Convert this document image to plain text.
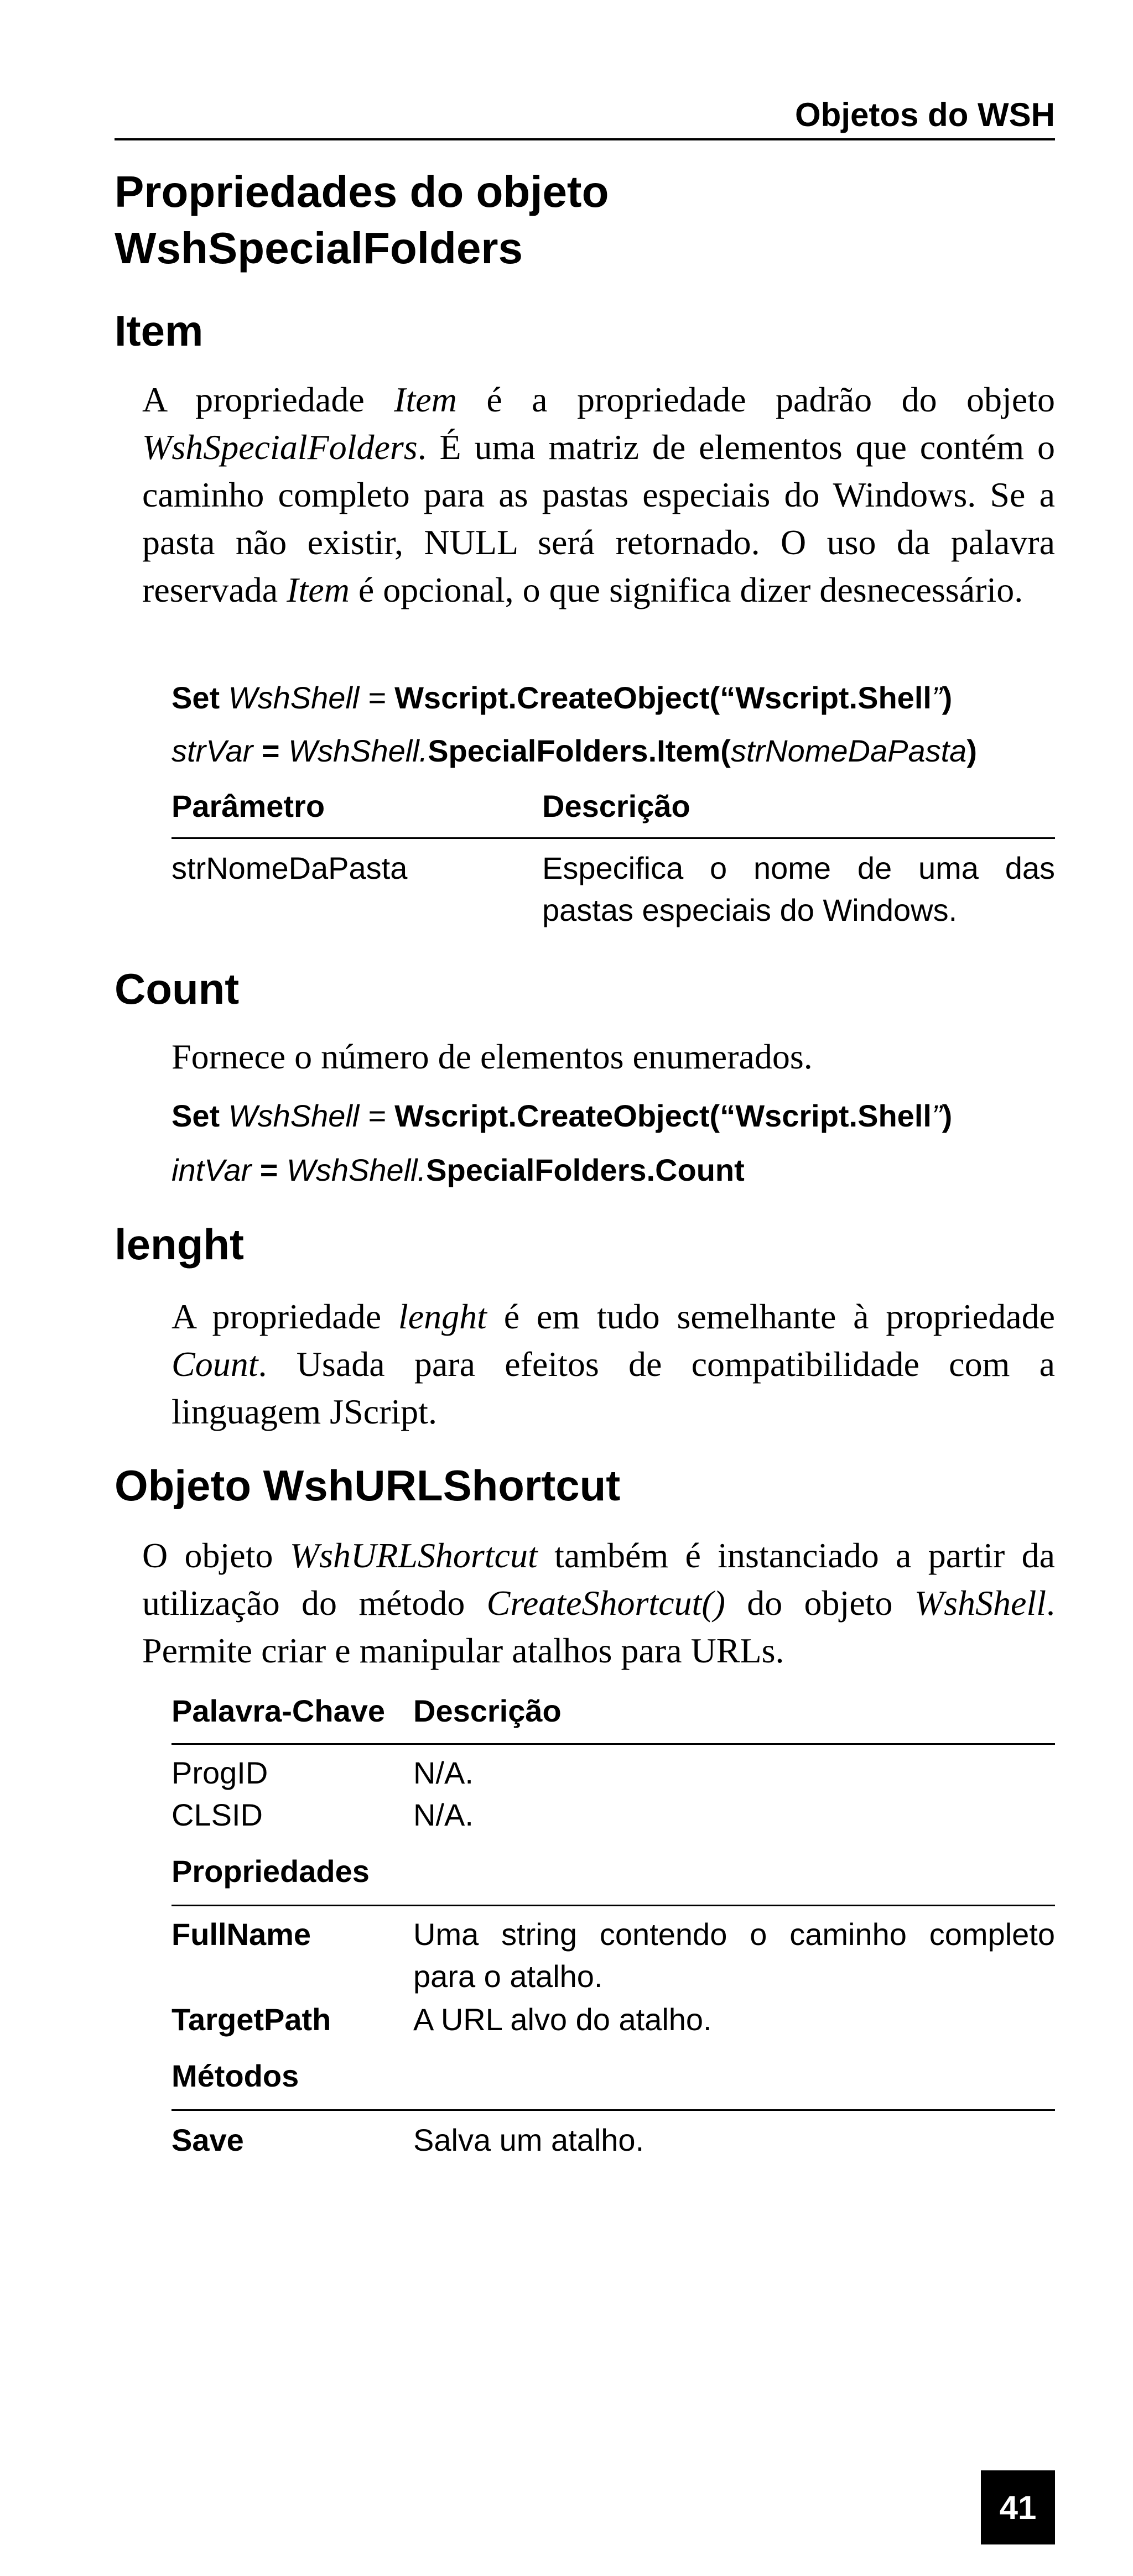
Objetos do WSH
Propriedades do objeto
WshSpecialFolders
Item

A propriedade Item é a propriedade padrão do objeto WshSpecialFolders. É uma matriz de elementos que contém o caminho completo para as pastas especiais do Windows. Se a pasta não existir, NULL será retornado. O uso da palavra reservada Item é opcional, o que significa dizer desnecessário.

Set WshShell = Wscript.CreateObject(“Wscript.Shell”)
strVar = WshShell.SpecialFolders.Item(strNomeDaPasta)
Parâmetro	Descrição
strNomeDaPasta	Especifica o nome de uma das pastas especiais do Windows.
Count

Fornece o número de elementos enumerados.

Set WshShell = Wscript.CreateObject(“Wscript.Shell”)
intVar = WshShell.SpecialFolders.Count
lenght

A propriedade lenght é em tudo semelhante à propriedade Count. Usada para efeitos de compatibilidade com a linguagem JScript.

Objeto WshURLShortcut

O objeto WshURLShortcut também é instanciado a partir da utilização do método CreateShortcut() do objeto WshShell. Permite criar e manipular atalhos para URLs.

Palavra-Chave Descrição
ProgID	N/A.
CLSID	N/A.
Propriedades
FullName	Uma string contendo o caminho completo para o atalho.
TargetPath	A URL alvo do atalho.
Métodos
Save	Salva um atalho.
41
